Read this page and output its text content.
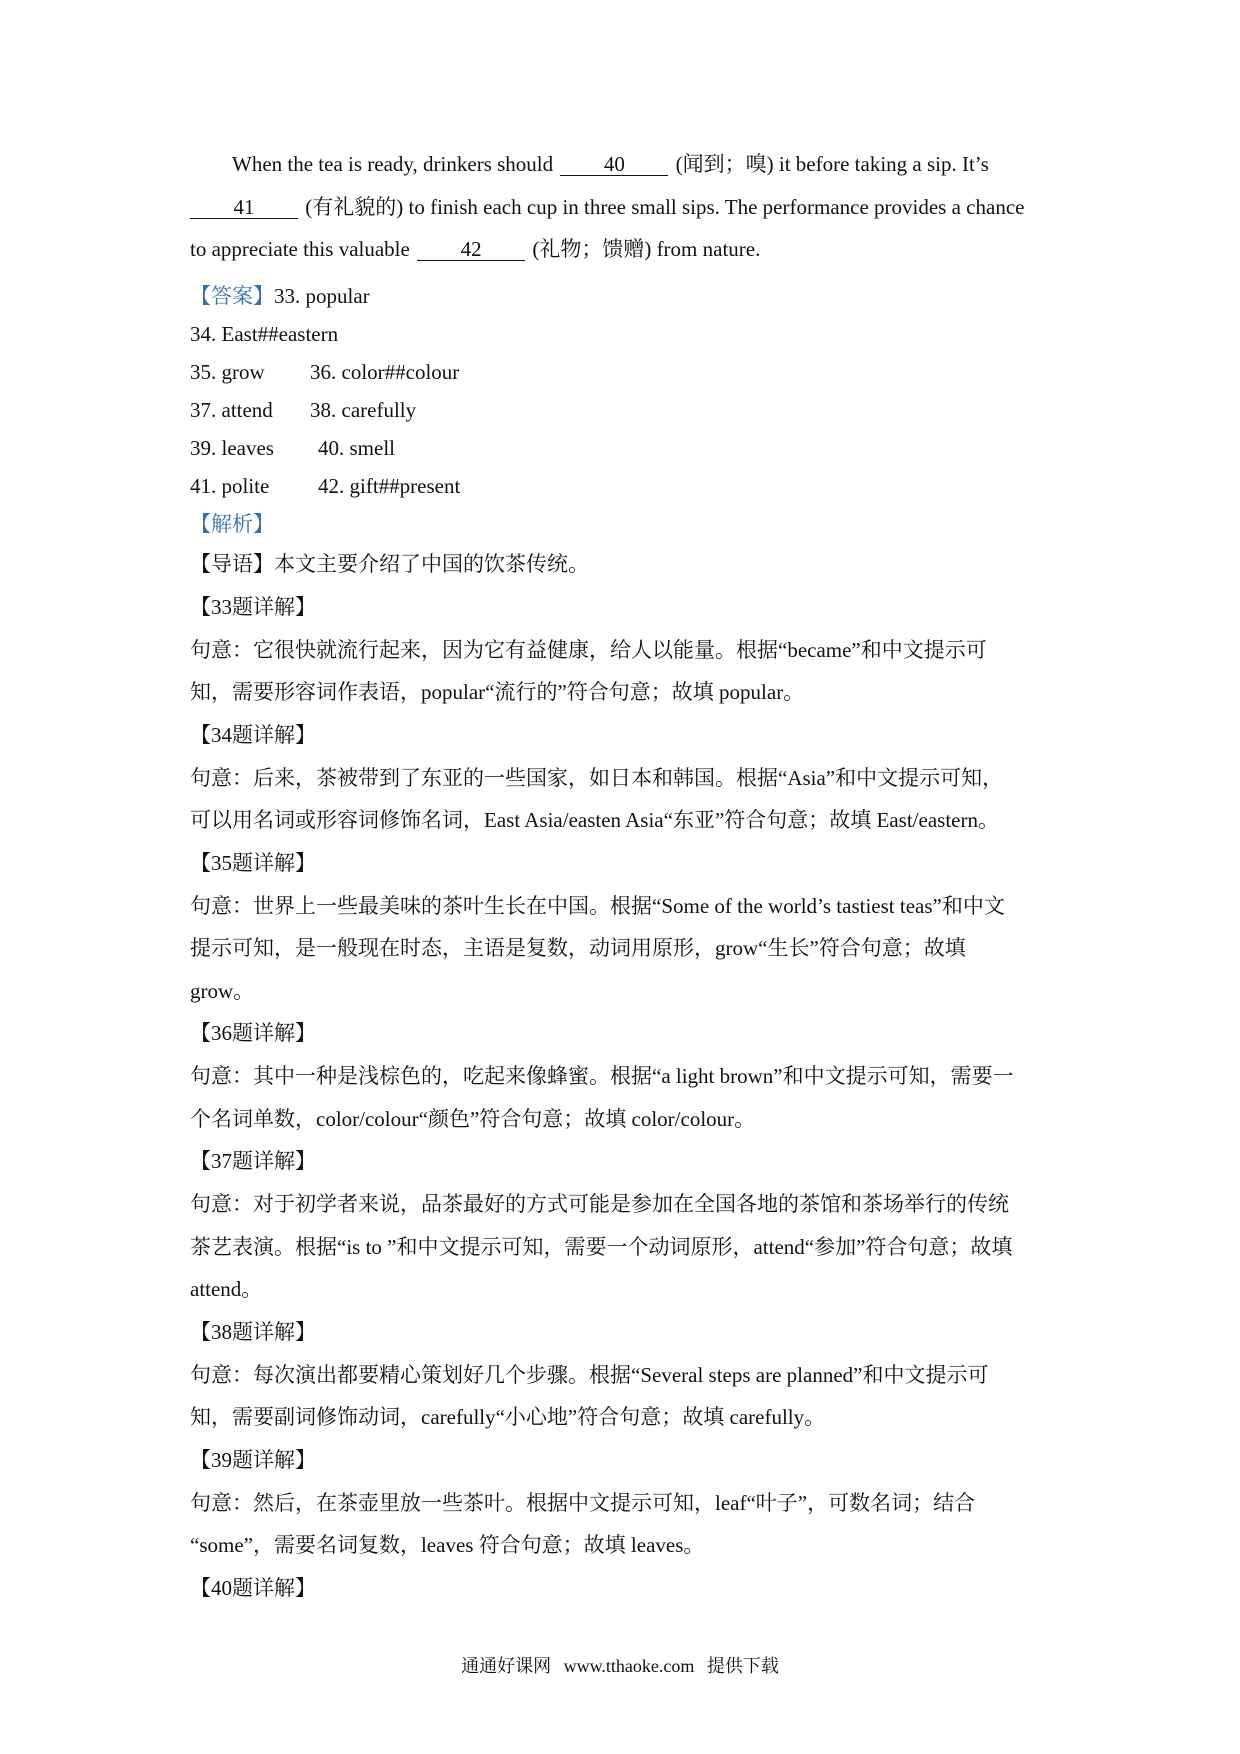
When the tea is ready, drinkers should 40 (闻到；嗅) it before taking a sip. It’s
41 (有礼貌的) to finish each cup in three small sips. The performance provides a chance
to appreciate this valuable 42 (礼物；馈赠) from nature.

【答案】33. popular
34. East##eastern
35. grow 36. color##colour
37. attend 38. carefully
39. leaves 40. smell
41. polite 42. gift##present
【解析】

【导语】本文主要介绍了中国的饮茶传统。

【33题详解】

句意：它很快就流行起来，因为它有益健康，给人以能量。根据“became”和中文提示可

知，需要形容词作表语，popular“流行的”符合句意；故填 popular。

【34题详解】

句意：后来，茶被带到了东亚的一些国家，如日本和韩国。根据“Asia”和中文提示可知，

可以用名词或形容词修饰名词，East Asia/easten Asia“东亚”符合句意；故填 East/eastern。

【35题详解】

句意：世界上一些最美味的茶叶生长在中国。根据“Some of the world’s tastiest teas”和中文

提示可知，是一般现在时态，主语是复数，动词用原形，grow“生长”符合句意；故填

grow。

【36题详解】

句意：其中一种是浅棕色的，吃起来像蜂蜜。根据“a light brown”和中文提示可知，需要一

个名词单数，color/colour“颜色”符合句意；故填 color/colour。

【37题详解】

句意：对于初学者来说，品茶最好的方式可能是参加在全国各地的茶馆和茶场举行的传统

茶艺表演。根据“is to ”和中文提示可知，需要一个动词原形，attend“参加”符合句意；故填

attend。

【38题详解】

句意：每次演出都要精心策划好几个步骤。根据“Several steps are planned”和中文提示可

知，需要副词修饰动词，carefully“小心地”符合句意；故填 carefully。

【39题详解】

句意：然后，在茶壶里放一些茶叶。根据中文提示可知，leaf“叶子”，可数名词；结合

“some”，需要名词复数，leaves 符合句意；故填 leaves。

【40题详解】

通通好课网 www.tthaoke.com 提供下载
